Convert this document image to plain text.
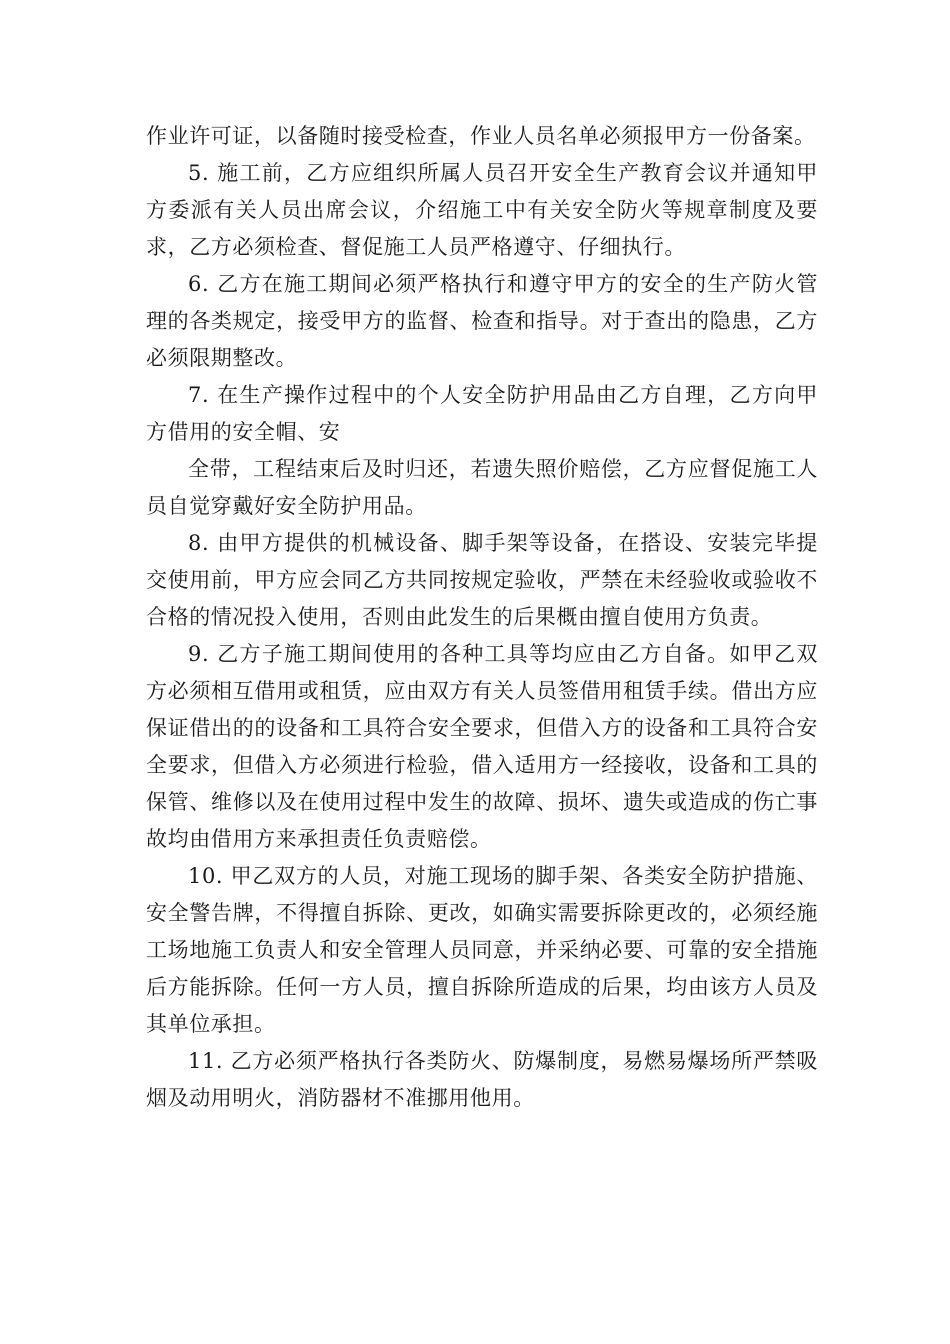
作业许可证，以备随时接受检查，作业人员名单必须报甲方一份备案。

5. 施工前，乙方应组织所属人员召开安全生产教育会议并通知甲方委派有关人员出席会议，介绍施工中有关安全防火等规章制度及要求，乙方必须检查、督促施工人员严格遵守、仔细执行。

6. 乙方在施工期间必须严格执行和遵守甲方的安全的生产防火管理的各类规定，接受甲方的监督、检查和指导。对于查出的隐患，乙方必须限期整改。

7. 在生产操作过程中的个人安全防护用品由乙方自理，乙方向甲方借用的安全帽、安

全带，工程结束后及时归还，若遗失照价赔偿，乙方应督促施工人员自觉穿戴好安全防护用品。

8. 由甲方提供的机械设备、脚手架等设备，在搭设、安装完毕提交使用前，甲方应会同乙方共同按规定验收，严禁在未经验收或验收不合格的情况投入使用，否则由此发生的后果概由擅自使用方负责。

9. 乙方子施工期间使用的各种工具等均应由乙方自备。如甲乙双方必须相互借用或租赁，应由双方有关人员签借用租赁手续。借出方应保证借出的的设备和工具符合安全要求，但借入方的设备和工具符合安全要求，但借入方必须进行检验，借入适用方一经接收，设备和工具的保管、维修以及在使用过程中发生的故障、损坏、遗失或造成的伤亡事故均由借用方来承担责任负责赔偿。

10. 甲乙双方的人员，对施工现场的脚手架、各类安全防护措施、安全警告牌，不得擅自拆除、更改，如确实需要拆除更改的，必须经施工场地施工负责人和安全管理人员同意，并采纳必要、可靠的安全措施后方能拆除。任何一方人员，擅自拆除所造成的后果，均由该方人员及其单位承担。

11. 乙方必须严格执行各类防火、防爆制度，易燃易爆场所严禁吸烟及动用明火，消防器材不准挪用他用。
